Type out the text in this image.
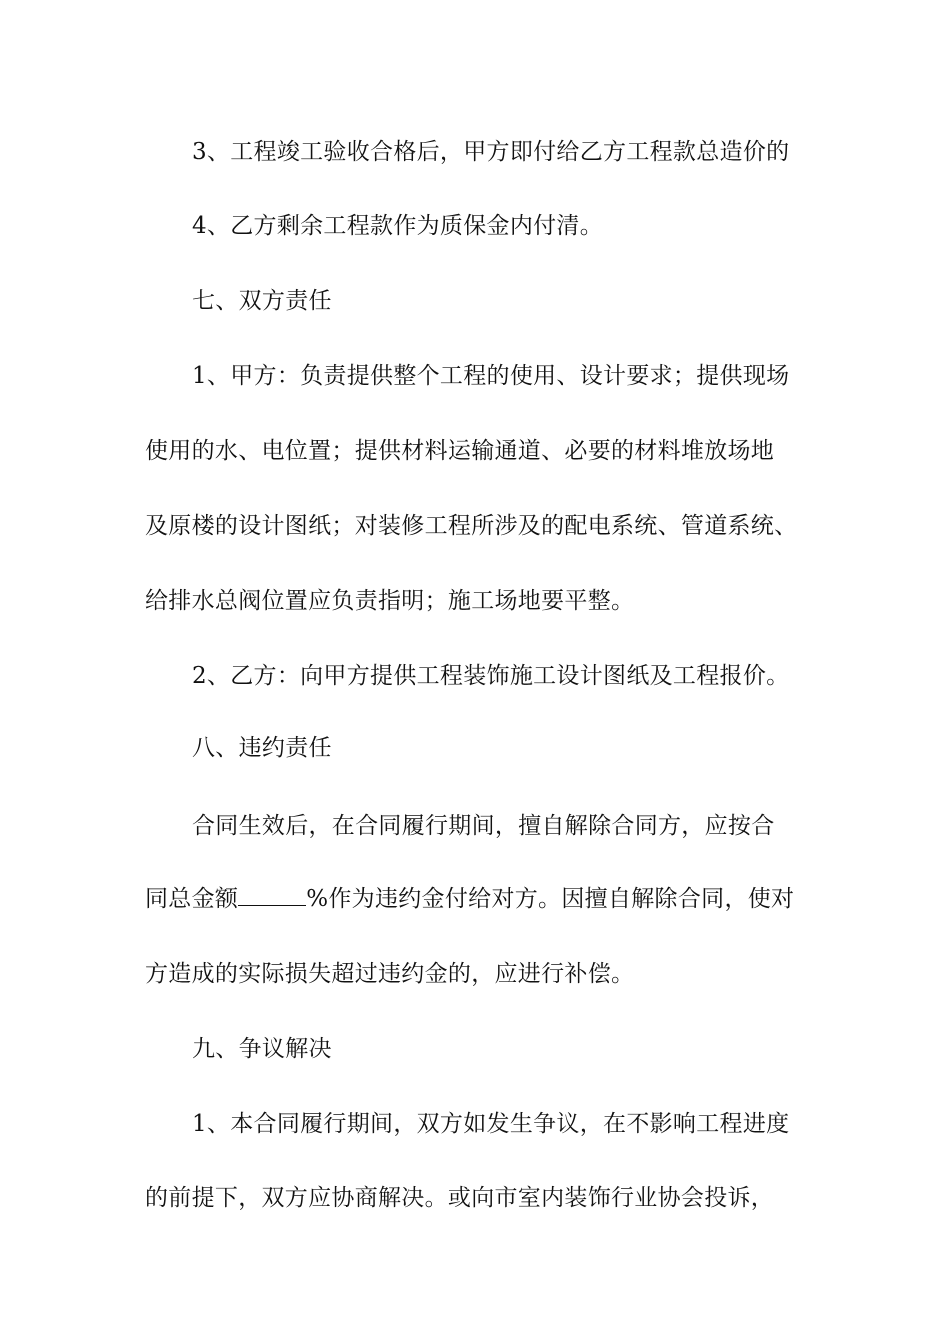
3、工程竣工验收合格后，甲方即付给乙方工程款总造价的
4、乙方剩余工程款作为质保金内付清。
七、双方责任
1、甲方：负责提供整个工程的使用、设计要求；提供现场
使用的水、电位置；提供材料运输通道、必要的材料堆放场地
及原楼的设计图纸；对装修工程所涉及的配电系统、管道系统、
给排水总阀位置应负责指明；施工场地要平整。
2、乙方：向甲方提供工程装饰施工设计图纸及工程报价。
八、违约责任
合同生效后，在合同履行期间，擅自解除合同方，应按合
同总金额	%作为违约金付给对方。因擅自解除合同，使对
方造成的实际损失超过违约金的，应进行补偿。
九、争议解决
1、本合同履行期间，双方如发生争议，在不影响工程进度
的前提下，双方应协商解决。或向市室内装饰行业协会投诉，
